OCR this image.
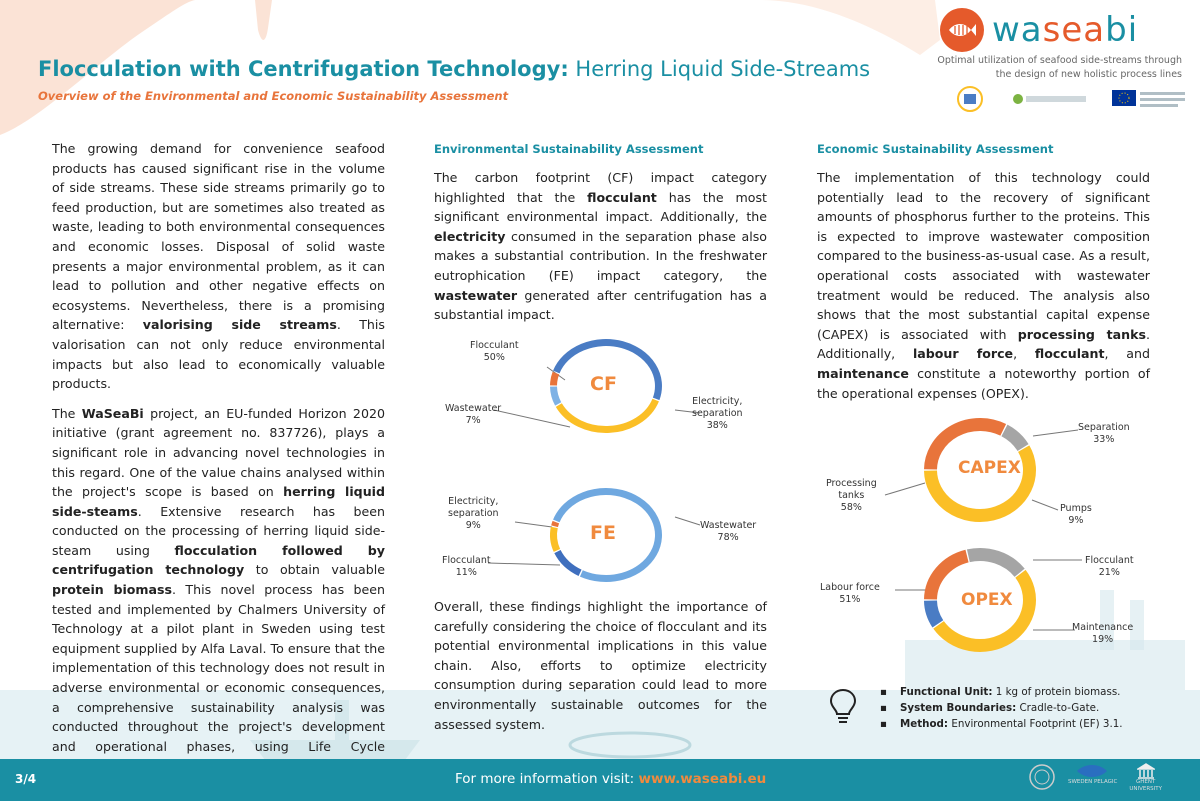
waseabi
Optimal utilization of seafood side-streams through
the design of new holistic process lines
Flocculation with Centrifugation Technology: Herring Liquid Side-Streams
Overview of the Environmental and Economic Sustainability Assessment

The growing demand for convenience seafood products has caused significant rise in the volume of side streams. These side streams primarily go to feed production, but are sometimes also treated as waste, leading to both environmental consequences and economic losses. Disposal of solid waste presents a major environmental problem, as it can lead to pollution and other negative effects on ecosystems. Nevertheless, there is a promising alternative: valorising side streams. This valorisation can not only reduce environmental impacts but also lead to economically valuable products.

The WaSeaBi project, an EU-funded Horizon 2020 initiative (grant agreement no. 837726), plays a significant role in advancing novel technologies in this regard. One of the value chains analysed within the project's scope is based on herring liquid side-steams. Extensive research has been conducted on the processing of herring liquid side-steam using flocculation followed by centrifugation technology to obtain valuable protein biomass. This novel process has been tested and implemented by Chalmers University of Technology at a pilot plant in Sweden using test equipment supplied by Alfa Laval. To ensure that the implementation of this technology does not result in adverse environmental or economic consequences, a comprehensive sustainability analysis was conducted throughout the project's development and operational phases, using Life Cycle

Environmental Sustainability Assessment

The carbon footprint (CF) impact category highlighted that the flocculant has the most significant environmental impact. Additionally, the electricity consumed in the separation phase also makes a substantial contribution. In the freshwater eutrophication (FE) impact category, the wastewater generated after centrifugation has a substantial impact.

Overall, these findings highlight the importance of carefully considering the choice of flocculant and its potential environmental implications in this value chain. Also, efforts to optimize electricity consumption during separation could lead to more environmentally sustainable outcomes for the assessed system.

Economic Sustainability Assessment

The implementation of this technology could potentially lead to the recovery of significant amounts of phosphorus further to the proteins. This is expected to improve wastewater composition compared to the business-as-usual case. As a result, operational costs associated with wastewater treatment would be reduced. The analysis also shows that the most substantial capital expense (CAPEX) is associated with processing tanks. Additionally, labour force, flocculant, and maintenance constitute a noteworthy portion of the operational expenses (OPEX).

CF
FE
CAPEX
OPEX
Flocculant
50%
Electricity,
separation
38%
Wastewater
7%
Electricity,
separation
9%	Wastewater
78%
Flocculant
11%
Separation
33%
Processing
tanks
58%	Pumps
9%
Flocculant
21%
Labour force
51%
Maintenance
19%
▪ Functional Unit: 1 kg of protein biomass.
▪ System Boundaries: Cradle-to-Gate.
▪ Method: Environmental Footprint (EF) 3.1.
3/4	For more information visit: www.waseabi.eu	SWEDEN PELAGIC	GHENT
UNIVERSITY
